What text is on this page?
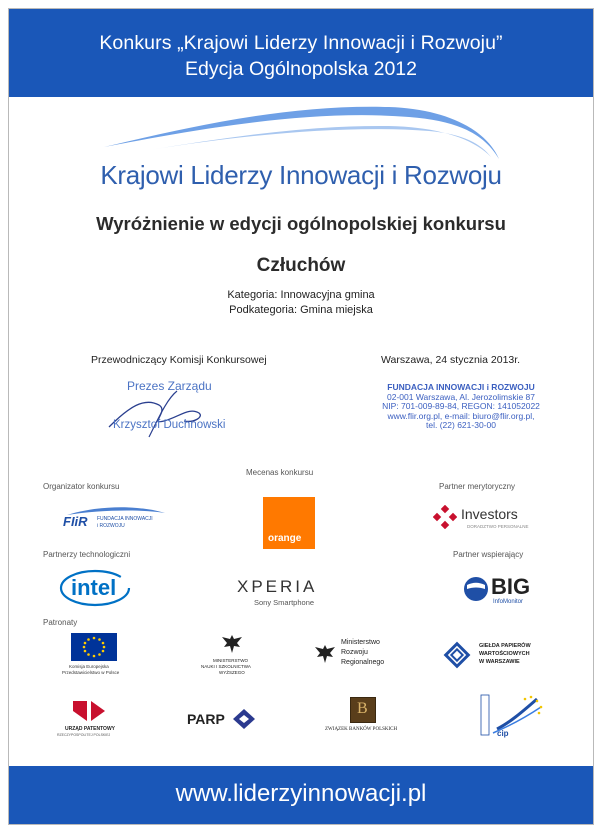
Konkurs „Krajowi Liderzy Innowacji i Rozwoju”
Edycja Ogólnopolska 2012
Krajowi Liderzy Innowacji i Rozwoju
Wyróżnienie w edycji ogólnopolskiej konkursu
Człuchów
Kategoria: Innowacyjna gmina
Podkategoria: Gmina miejska
Przewodniczący Komisji Konkursowej	Warszawa, 24 stycznia 2013r.
Prezes Zarządu
Krzysztof Duchnowski
FUNDACJA INNOWACJI i ROZWOJU
02-001 Warszawa, Al. Jerozolimskie 87
NIP: 701-009-89-84, REGON: 141052022
www.flir.org.pl, e-mail: biuro@flir.org.pl,
tel. (22) 621-30-00
Mecenas konkursu
Organizator konkursu	Partner merytoryczny
Partnerzy technologiczni	Partner wspierający
Patronaty
FIiR FUNDACJA INNOWACJI
i ROZWOJU
orange
Investors
DORADZTWO PERSONALNE
intel	XPERIA
Sony Smartphone
BIG
InfoMonitor
Komisja Europejska
Przedstawicielstwo w Polsce
MINISTERSTWO
NAUKI I SZKOLNICTWA
WYŻSZEGO
Ministerstwo
Rozwoju
Regionalnego
GIEŁDA PAPIERÓW
WARTOŚCIOWYCH
W WARSZAWIE
URZĄD PATENTOWY
RZECZYPOSPOLITEJ POLSKIEJ
PARP
B
ZWIĄZEK BANKÓW POLSKICH	cip
www.liderzyinnowacji.pl
